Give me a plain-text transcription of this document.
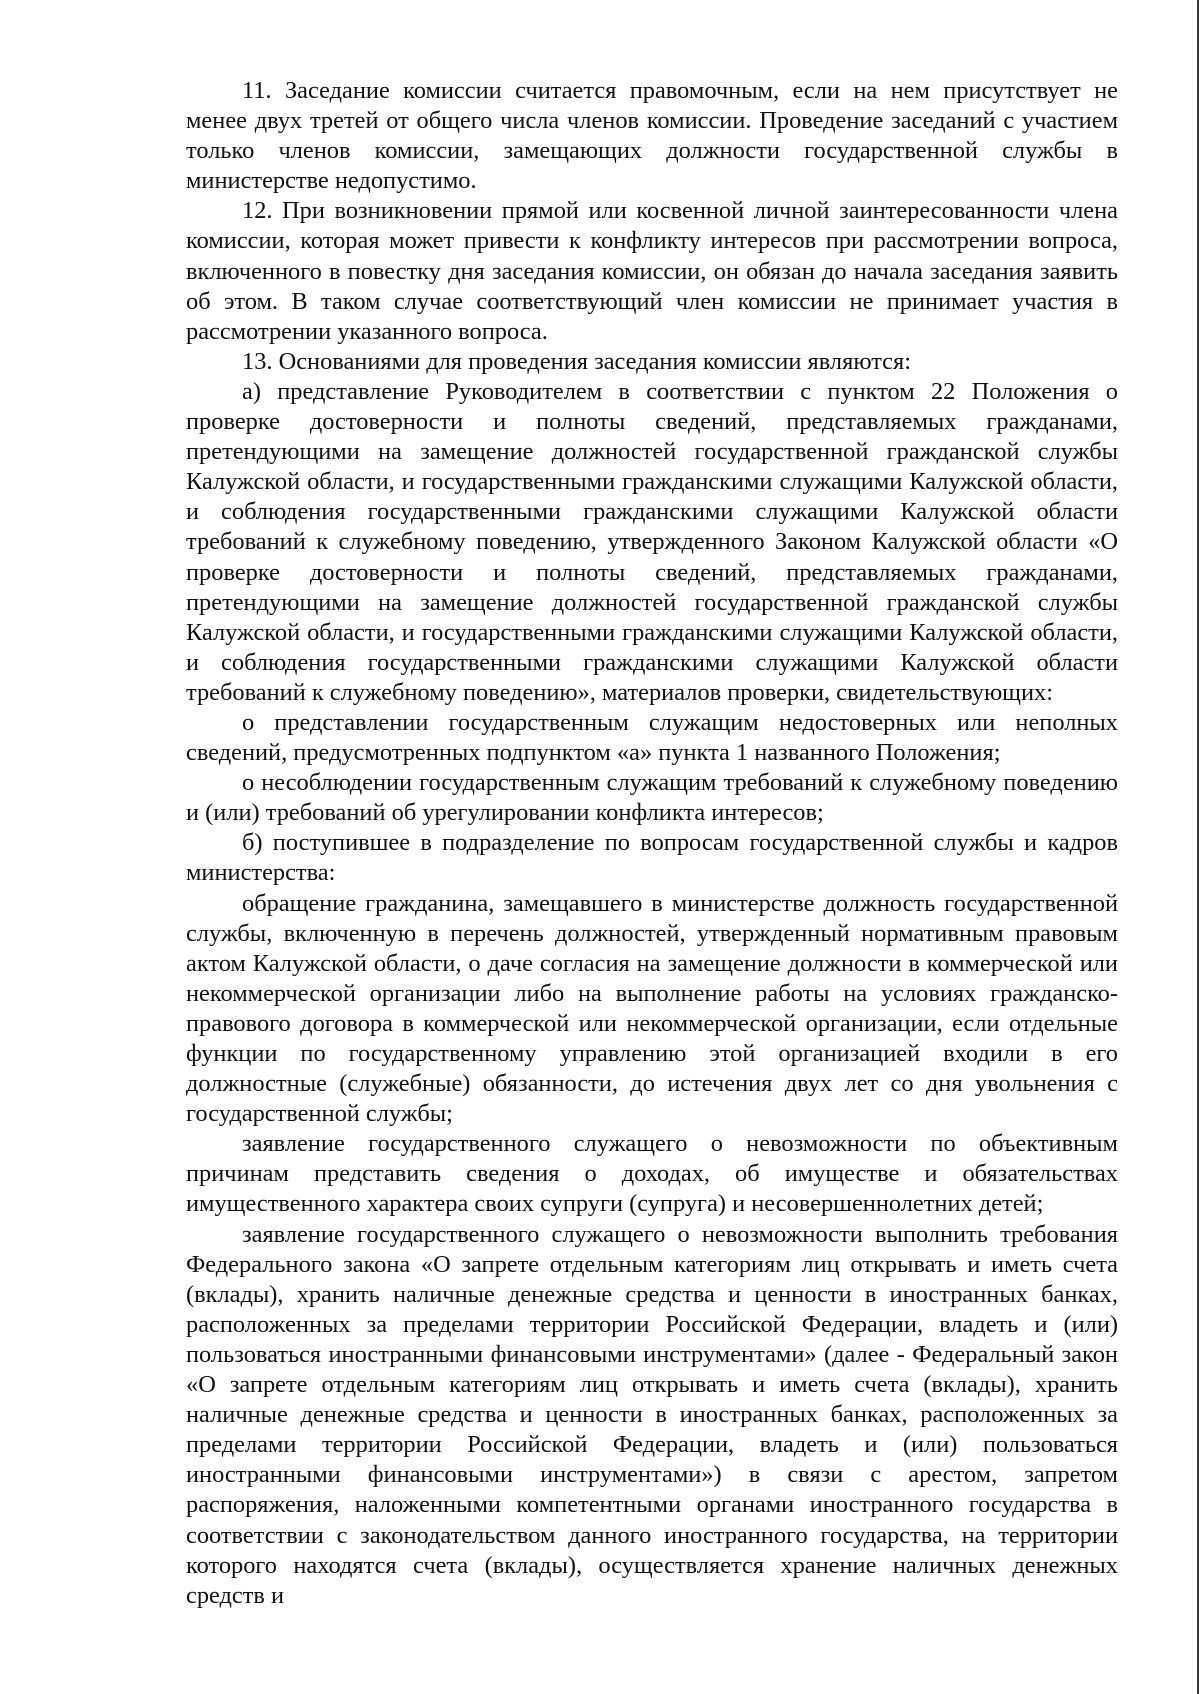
11. Заседание комиссии считается правомочным, если на нем присутствует не менее двух третей от общего числа членов комиссии. Проведение заседаний с участием только членов комиссии, замещающих должности государственной службы в министерстве недопустимо.

12. При возникновении прямой или косвенной личной заинтересованности члена комиссии, которая может привести к конфликту интересов при рассмотрении вопроса, включенного в повестку дня заседания комиссии, он обязан до начала заседания заявить об этом. В таком случае соответствующий член комиссии не принимает участия в рассмотрении указанного вопроса.

13. Основаниями для проведения заседания комиссии являются:

а) представление Руководителем в соответствии с пунктом 22 Положения о проверке достоверности и полноты сведений, представляемых гражданами, претендующими на замещение должностей государственной гражданской службы Калужской области, и государственными гражданскими служащими Калужской области, и соблюдения государственными гражданскими служащими Калужской области требований к служебному поведению, утвержденного Законом Калужской области «О проверке достоверности и полноты сведений, представляемых гражданами, претендующими на замещение должностей государственной гражданской службы Калужской области, и государственными гражданскими служащими Калужской области, и соблюдения государственными гражданскими служащими Калужской области требований к служебному поведению», материалов проверки, свидетельствующих:

о представлении государственным служащим недостоверных или неполных сведений, предусмотренных подпунктом «а» пункта 1 названного Положения;

о несоблюдении государственным служащим требований к служебному поведению и (или) требований об урегулировании конфликта интересов;

б) поступившее в подразделение по вопросам государственной службы и кадров министерства:

обращение гражданина, замещавшего в министерстве должность государственной службы, включенную в перечень должностей, утвержденный нормативным правовым актом Калужской области, о даче согласия на замещение должности в коммерческой или некоммерческой организации либо на выполнение работы на условиях гражданско-правового договора в коммерческой или некоммерческой организации, если отдельные функции по государственному управлению этой организацией входили в его должностные (служебные) обязанности, до истечения двух лет со дня увольнения с государственной службы;

заявление государственного служащего о невозможности по объективным причинам представить сведения о доходах, об имуществе и обязательствах имущественного характера своих супруги (супруга) и несовершеннолетних детей;

заявление государственного служащего о невозможности выполнить требования Федерального закона «О запрете отдельным категориям лиц открывать и иметь счета (вклады), хранить наличные денежные средства и ценности в иностранных банках, расположенных за пределами территории Российской Федерации, владеть и (или) пользоваться иностранными финансовыми инструментами» (далее - Федеральный закон «О запрете отдельным категориям лиц открывать и иметь счета (вклады), хранить наличные денежные средства и ценности в иностранных банках, расположенных за пределами территории Российской Федерации, владеть и (или) пользоваться иностранными финансовыми инструментами») в связи с арестом, запретом распоряжения, наложенными компетентными органами иностранного государства в соответствии с законодательством данного иностранного государства, на территории которого находятся счета (вклады), осуществляется хранение наличных денежных средств и
